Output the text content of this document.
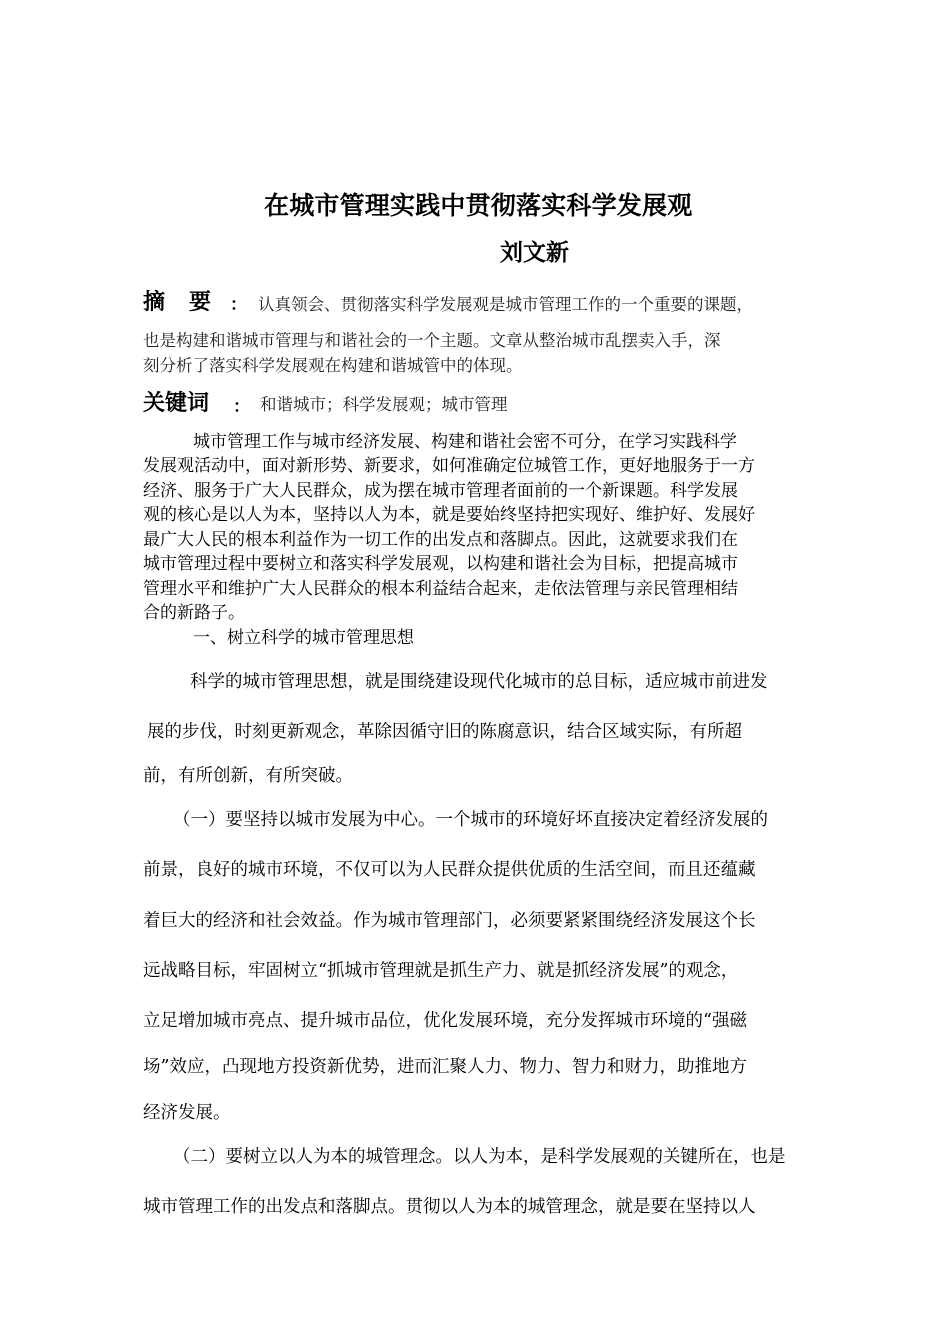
在城市管理实践中贯彻落实科学发展观
刘文新
摘 要 ： 认真领会、贯彻落实科学发展观是城市管理工作的一个重要的课题，
也是构建和谐城市管理与和谐社会的一个主题。文章从整治城市乱摆卖入手，深
刻分析了落实科学发展观在构建和谐城管中的体现。
关键词 ： 和谐城市；科学发展观；城市管理
城市管理工作与城市经济发展、构建和谐社会密不可分，在学习实践科学
发展观活动中，面对新形势、新要求，如何准确定位城管工作，更好地服务于一方
经济、服务于广大人民群众，成为摆在城市管理者面前的一个新课题。科学发展
观的核心是以人为本，坚持以人为本，就是要始终坚持把实现好、维护好、发展好
最广大人民的根本利益作为一切工作的出发点和落脚点。因此，这就要求我们在
城市管理过程中要树立和落实科学发展观，以构建和谐社会为目标，把提高城市
管理水平和维护广大人民群众的根本利益结合起来，走依法管理与亲民管理相结
合的新路子。
一、树立科学的城市管理思想
科学的城市管理思想，就是围绕建设现代化城市的总目标，适应城市前进发
展的步伐，时刻更新观念，革除因循守旧的陈腐意识，结合区域实际，有所超
前，有所创新，有所突破。
（一）要坚持以城市发展为中心。一个城市的环境好坏直接决定着经济发展的
前景，良好的城市环境，不仅可以为人民群众提供优质的生活空间，而且还蕴藏
着巨大的经济和社会效益。作为城市管理部门，必须要紧紧围绕经济发展这个长
远战略目标，牢固树立“抓城市管理就是抓生产力、就是抓经济发展”的观念，
立足增加城市亮点、提升城市品位，优化发展环境，充分发挥城市环境的“强磁
场”效应，凸现地方投资新优势，进而汇聚人力、物力、智力和财力，助推地方
经济发展。
（二）要树立以人为本的城管理念。以人为本，是科学发展观的关键所在，也是
城市管理工作的出发点和落脚点。贯彻以人为本的城管理念，就是要在坚持以人
